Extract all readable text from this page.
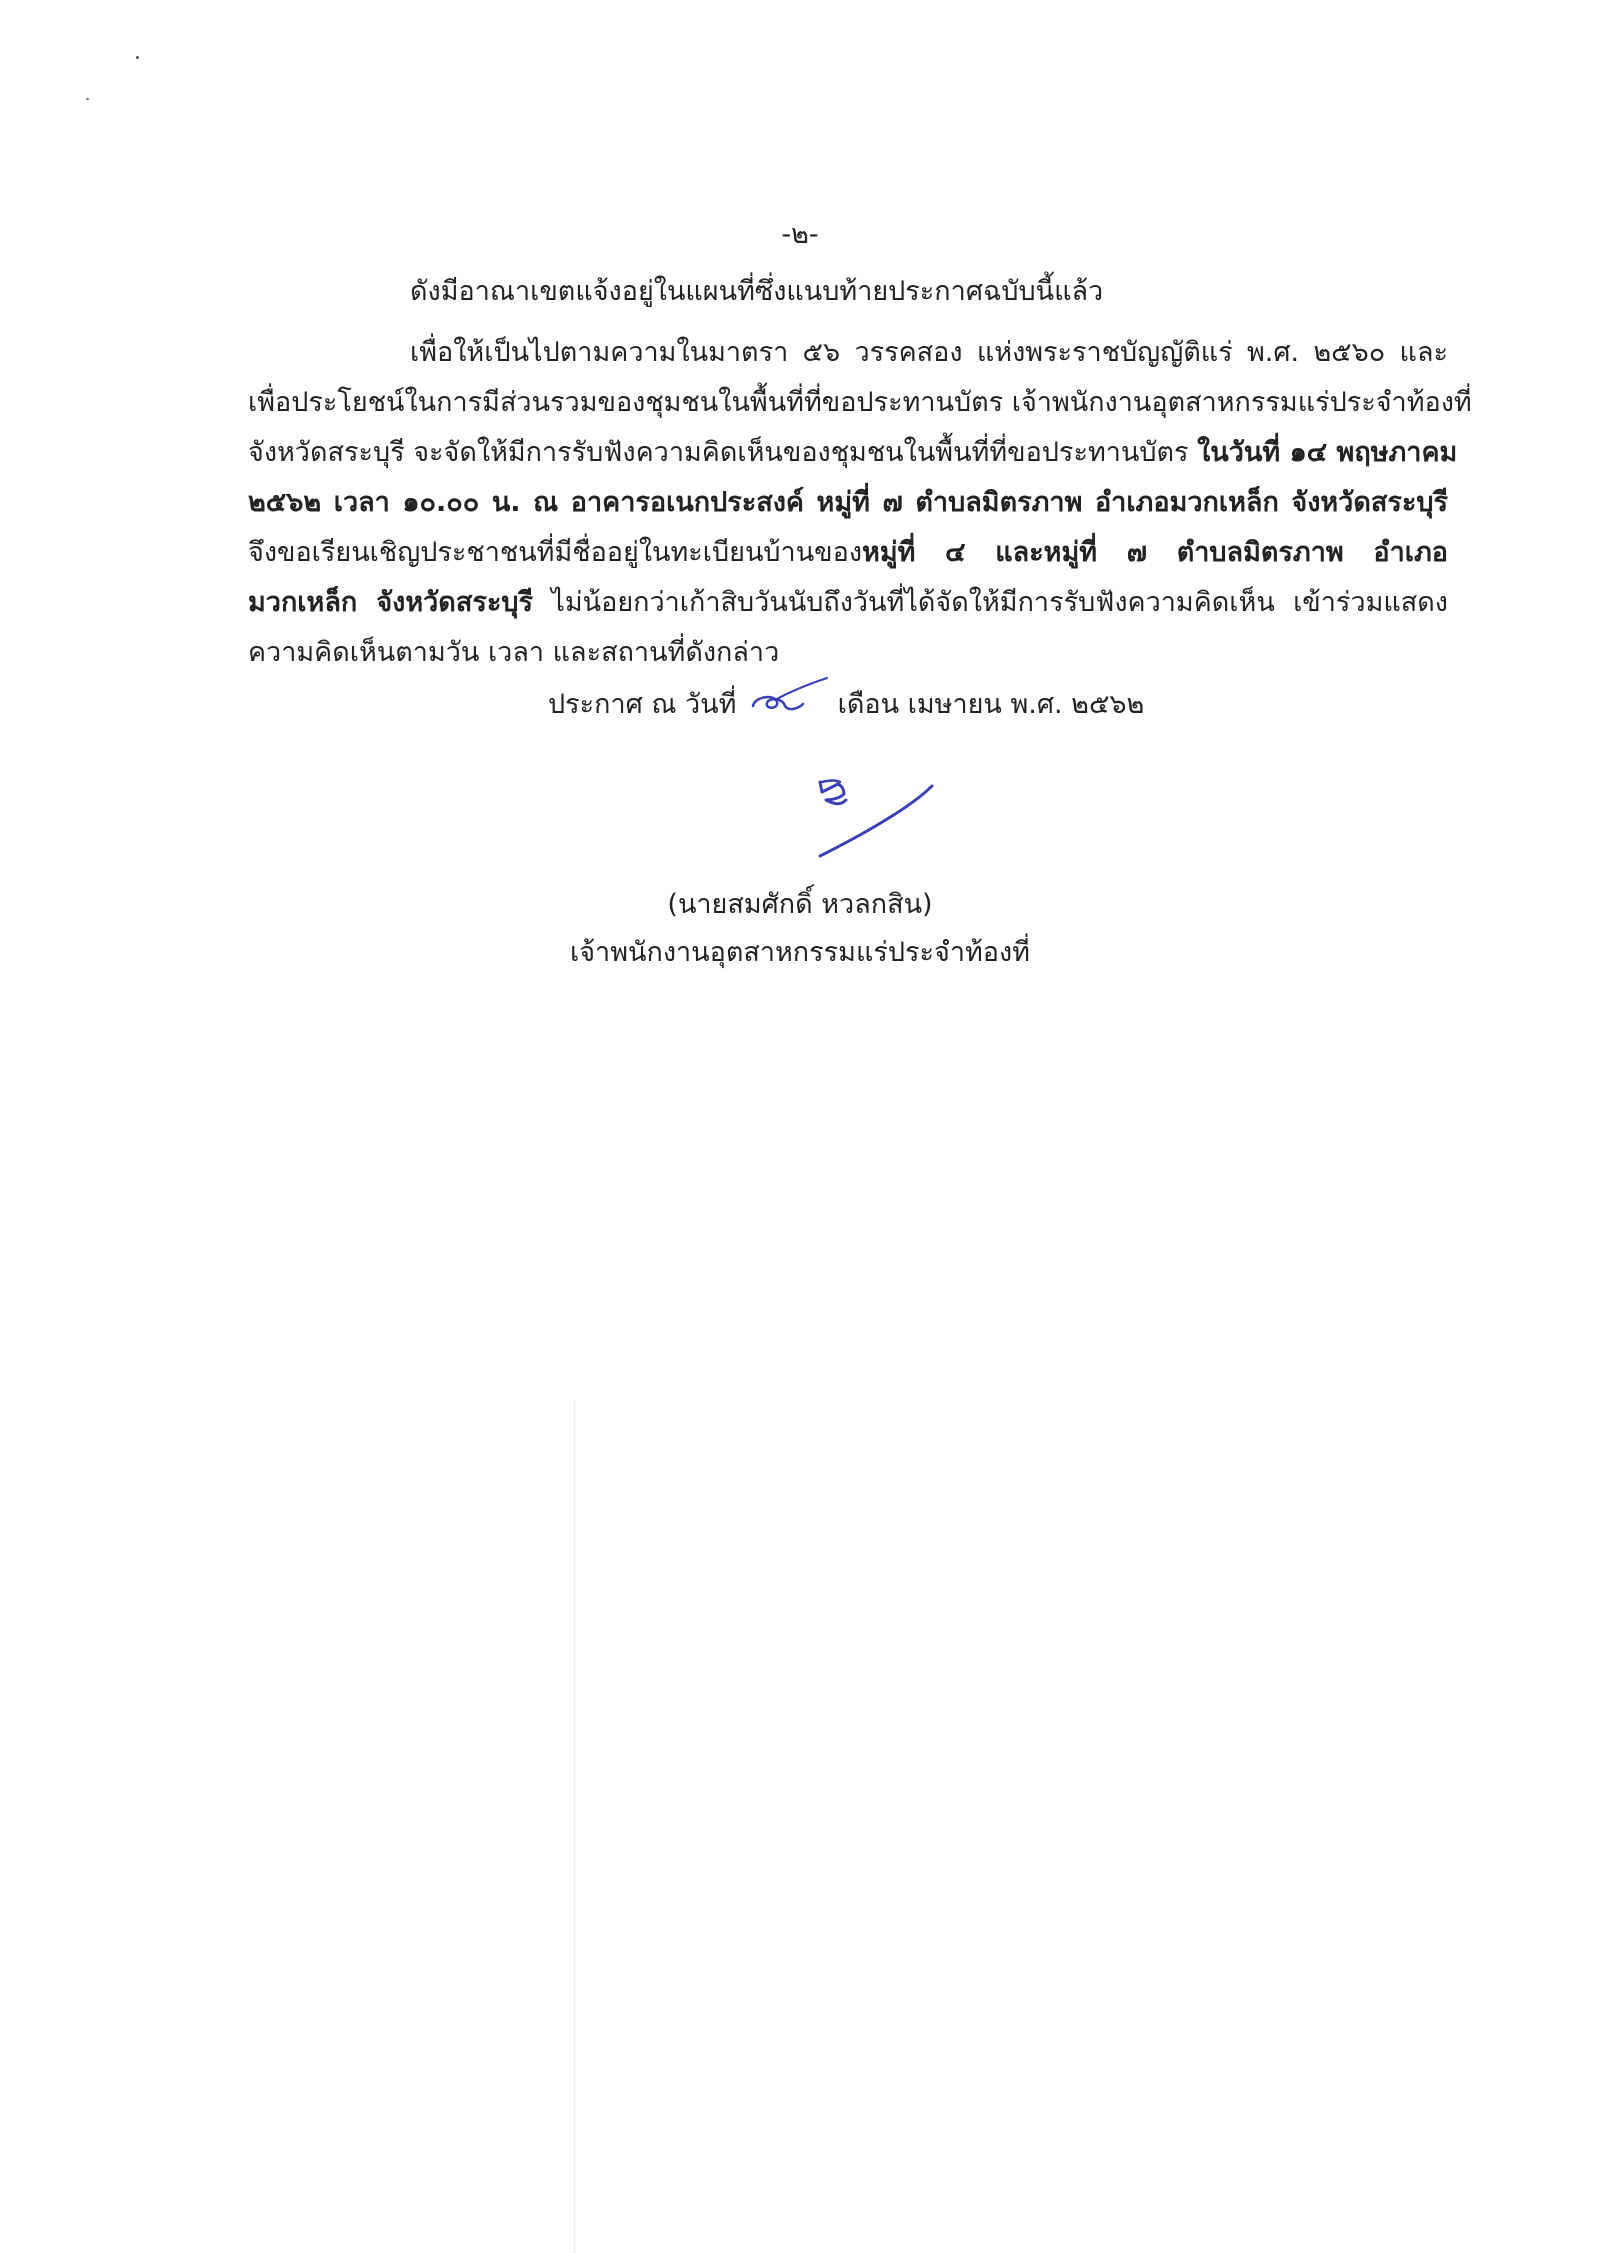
-๒-
ดังมีอาณาเขตแจ้งอยู่ในแผนที่ซึ่งแนบท้ายประกาศฉบับนี้แล้ว
เพื่อให้เป็นไปตามความในมาตรา ๕๖ วรรคสอง แห่งพระราชบัญญัติแร่ พ.ศ. ๒๕๖๐ และ
เพื่อประโยชน์ในการมีส่วนรวมของชุมชนในพื้นที่ที่ขอประทานบัตร เจ้าพนักงานอุตสาหกรรมแร่ประจำท้องที่
จังหวัดสระบุรี จะจัดให้มีการรับฟังความคิดเห็นของชุมชนในพื้นที่ที่ขอประทานบัตร ในวันที่ ๑๔ พฤษภาคม
๒๕๖๒ เวลา ๑๐.๐๐ น. ณ อาคารอเนกประสงค์ หมู่ที่ ๗ ตำบลมิตรภาพ อำเภอมวกเหล็ก จังหวัดสระบุรี
จึงขอเรียนเชิญประชาชนที่มีชื่ออยู่ในทะเบียนบ้านของหมู่ที่ ๔ และหมู่ที่ ๗ ตำบลมิตรภาพ อำเภอ
มวกเหล็ก จังหวัดสระบุรี ไม่น้อยกว่าเก้าสิบวันนับถึงวันที่ได้จัดให้มีการรับฟังความคิดเห็น เข้าร่วมแสดง
ความคิดเห็นตามวัน เวลา และสถานที่ดังกล่าว
ประกาศ ณ วันที่	เดือน เมษายน พ.ศ. ๒๕๖๒
(นายสมศักดิ์ หวลกสิน)
เจ้าพนักงานอุตสาหกรรมแร่ประจำท้องที่
